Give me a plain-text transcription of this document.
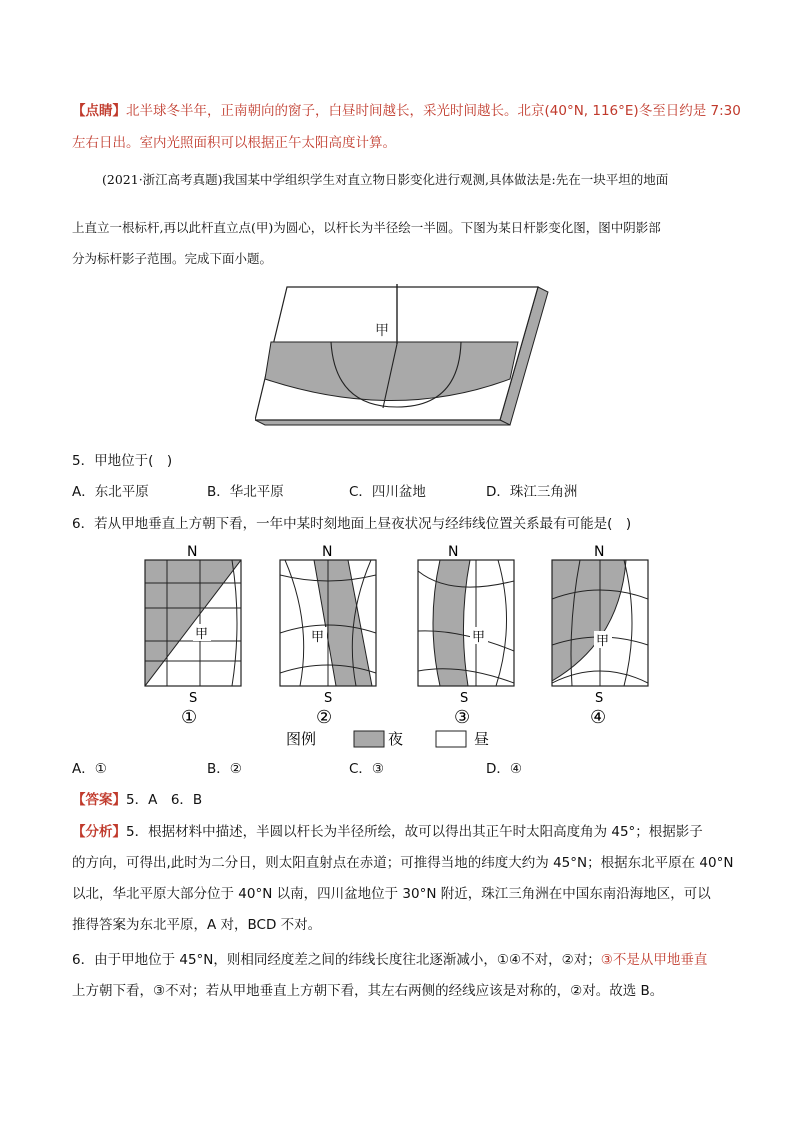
【点睛】北半球冬半年，正南朝向的窗子，白昼时间越长，采光时间越长。北京(40°N, 116°E)冬至日约是 7:30
左右日出。室内光照面积可以根据正午太阳高度计算。
(2021·浙江高考真题)我国某中学组织学生对直立物日影变化进行观测,具体做法是:先在一块平坦的地面
上直立一根标杆,再以此杆直立点(甲)为圆心，以杆长为半径绘一半圆。下图为某日杆影变化图，图中阴影部
分为标杆影子范围。完成下面小题。
甲
5．甲地位于(　)
A．东北平原	B．华北平原	C．四川盆地	D．珠江三角洲
6．若从甲地垂直上方朝下看，一年中某时刻地面上昼夜状况与经纬线位置关系最有可能是(　)
N
甲
S
①
N
甲
S
②
N
甲
S
③
N
甲
S
④
图例	夜	昼
A．①	B．②	C．③	D．④
【答案】5．A　6．B
【分析】5．根据材料中描述，半圆以杆长为半径所绘，故可以得出其正午时太阳高度角为 45°；根据影子
的方向，可得出,此时为二分日，则太阳直射点在赤道；可推得当地的纬度大约为 45°N；根据东北平原在 40°N
以北，华北平原大部分位于 40°N 以南，四川盆地位于 30°N 附近，珠江三角洲在中国东南沿海地区，可以
推得答案为东北平原，A 对，BCD 不对。
6．由于甲地位于 45°N，则相同经度差之间的纬线长度往北逐渐减小，①④不对，②对；③不是从甲地垂直
上方朝下看，③不对；若从甲地垂直上方朝下看，其左右两侧的经线应该是对称的，②对。故选 B。
